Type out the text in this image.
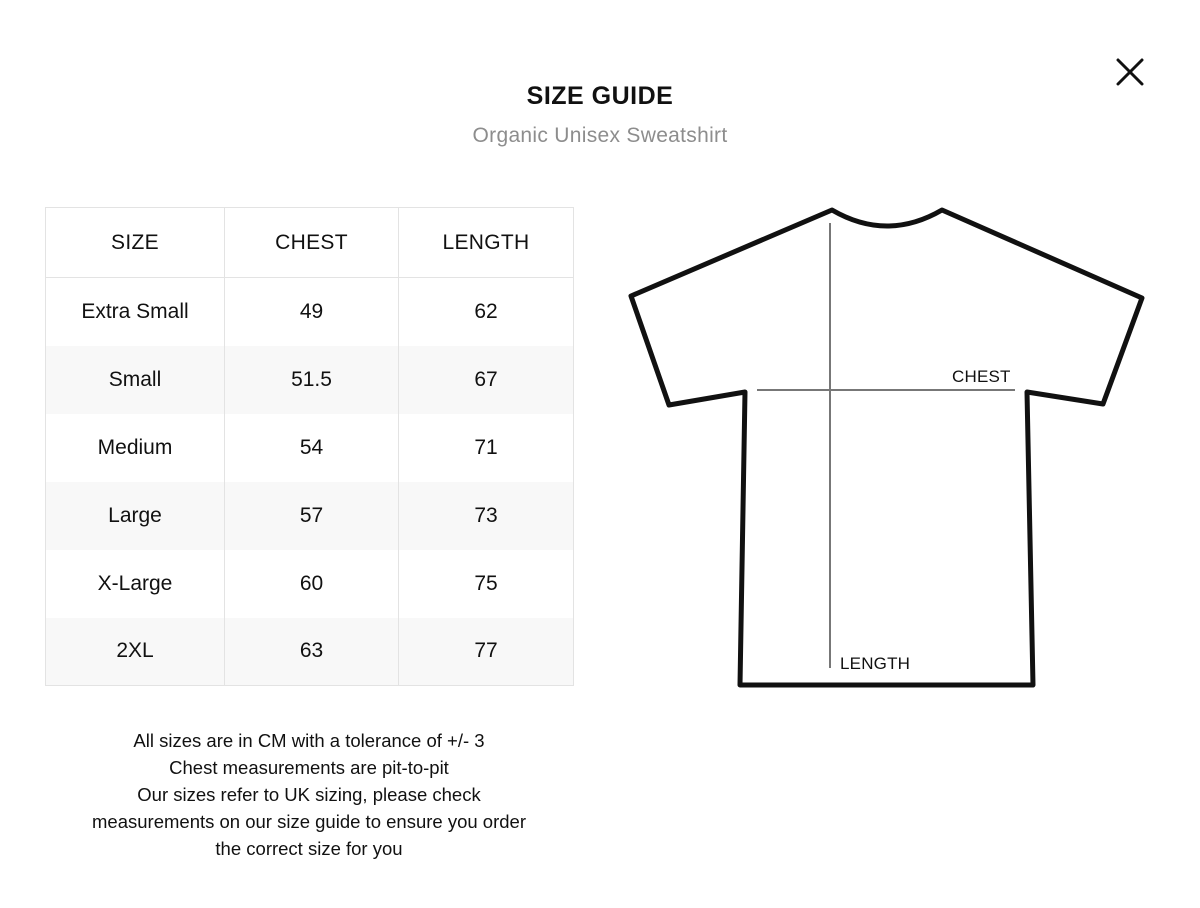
SIZE GUIDE
Organic Unisex Sweatshirt
SIZE	CHEST	LENGTH
Extra Small	49	62
Small	51.5	67
Medium	54	71
Large	57	73
X-Large	60	75
2XL	63	77
All sizes are in CM with a tolerance of +/- 3
Chest measurements are pit-to-pit
Our sizes refer to UK sizing, please check
measurements on our size guide to ensure you order
the correct size for you
CHEST
LENGTH
